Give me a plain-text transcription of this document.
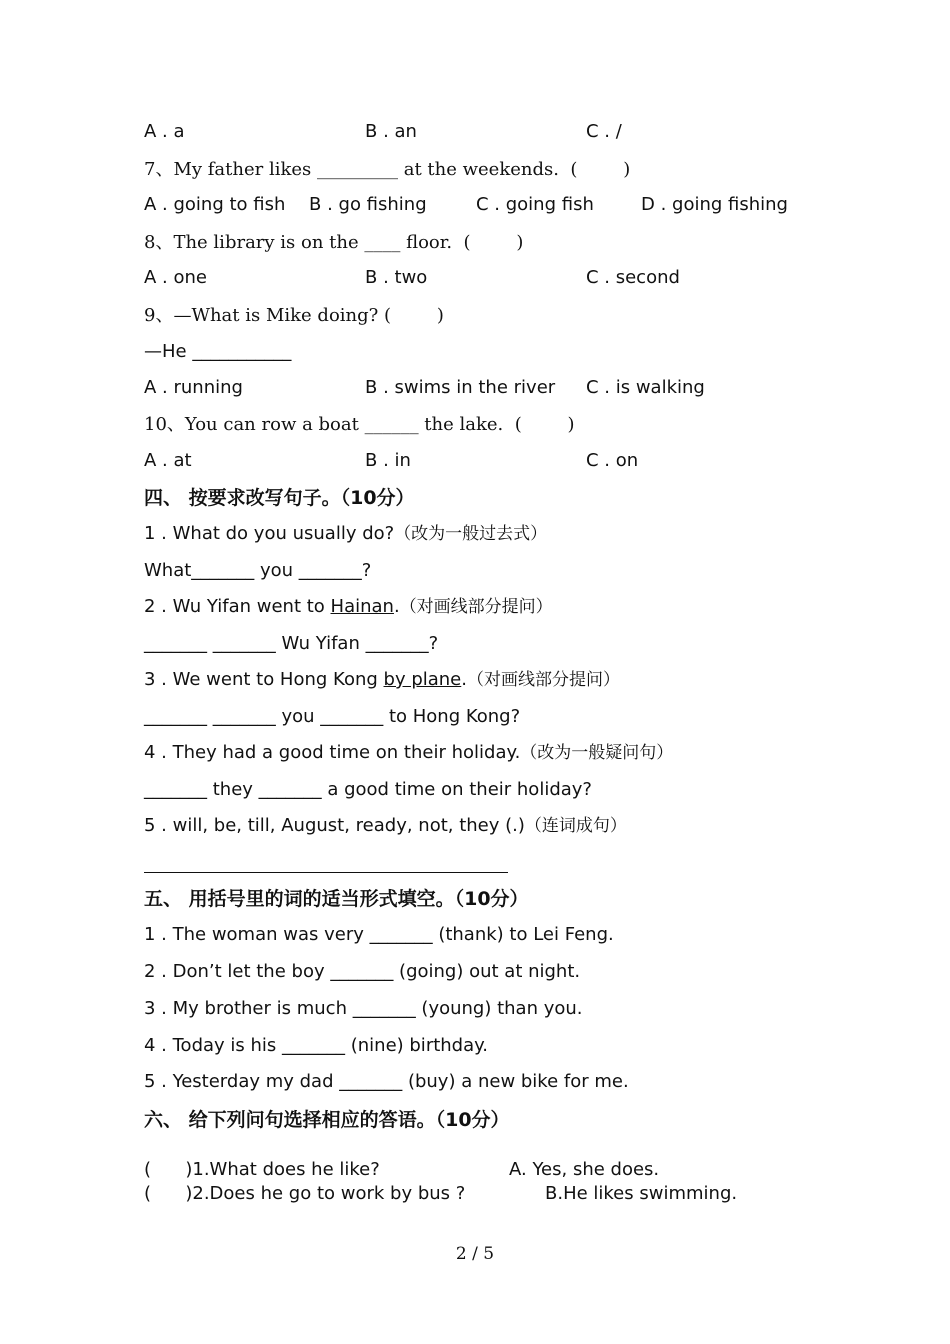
A . a	B . an	C . /
7、My father likes _________ at the weekends.  (        )
A . going to fish B . go fishing	C . going fish	D . going fishing
8、The library is on the ____ floor.  (        )
A . one	B . two	C . second
9、—What is Mike doing? (        )
—He ___________
A . running	B . swims in the river C . is walking
10、You can row a boat ______ the lake.  (        )
A . at	B . in	C . on
四、 按要求改写句子。（10分）
1 . What do you usually do?（改为一般过去式）
What_______ you _______?
2 . Wu Yifan went to Hainan.（对画线部分提问）
_______ _______ Wu Yifan _______?
3 . We went to Hong Kong by plane.（对画线部分提问）
_______ _______ you _______ to Hong Kong?
4 . They had a good time on their holiday.（改为一般疑问句）
_______ they _______ a good time on their holiday?
5 . will, be, till, August, ready, not, they (.)（连词成句）
五、 用括号里的词的适当形式填空。（10分）
1 . The woman was very _______ (thank) to Lei Feng.
2 . Don’t let the boy _______ (going) out at night.
3 . My brother is much _______ (young) than you.
4 . Today is his _______ (nine) birthday.
5 . Yesterday my dad _______ (buy) a new bike for me.
六、 给下列问句选择相应的答语。（10分）
(      )1.What does he like?	A. Yes, she does.
(      )2.Does he go to work by bus ?	B.He likes swimming.
2 / 5
